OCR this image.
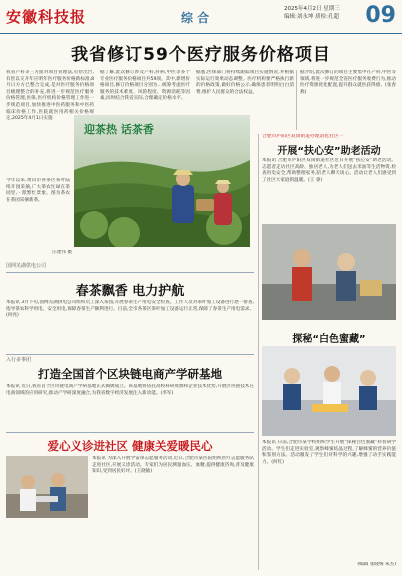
安徽科技报	综 合
2025年4月2日 星期三
编辑:刘永坤 质检:孔超 09
我省修订59个医疗服务价格项目
我省产科等三方面对项目管理法,有偿出台,有偿以交开年应明年医疗服务价格新标准,8月日方方已整合完成,是对医疗服务价格项目梳理整合的补充,将进一步规范医疗服务价格管理,医保,医疗机构价格管理工作进一步规范项目,加快推进中医药服务和中医药临床价格工作,医院就医用药相关价格规定,2025年4月1日实施
据了解,此次修订涉及产科,肝病,中医等多个专业医疗服务价格项目共59项。其中,新增价格项目,修订价格项目分别为…统筹考虑医疗服务的技术难度、风险程度、资源消耗等因素,同时结合我省实际,合理确定价格水平。
据悉,医保部门将持续跟踪项目实施情况,并根据实际运行效果动态调整。医疗机构要严格执行新的价格政策,做好价格公示,确保患者明明白白消费,维护人民群众的合法权益。
据介绍,此次修订的项目主要集中在产科,中医等领域,将进一步规范全省医疗服务收费行为,推动医疗资源优化配置,提升群众就医获得感。(张春燕)
迎茶热 话茶香
今年以来,黄山市各茶区茶叶陆续开园采摘,广大茶农忙碌在茶园里,一派繁忙景象。图为茶农在茶园采摘新茶。
汪建伟 摄
国网芜湖供电公司
春茶飘香 电力护航
本报讯 3月下旬,国网芜湖供电公司组织员工深入茶园,开展春茶生产用电安全检查。工作人员对茶叶加工设备进行逐一排查,指导茶农科学用电、安全用电,保障春茶生产顺利进行。目前,全市各茶区茶叶加工设备运行正常,保障了春茶生产用电需求。(何亮)
入行多事团
打造全国首个区块链电商产学研基地
本报讯 近日,我省首个区块链电商产学研基地正式揭牌成立。该基地将依托高校科研资源和企业技术优势,开展区块链技术在电商领域的应用研究,推动产学研深度融合,为我省数字经济发展注入新动能。(李军)
爱心义诊进社区 健康关爱暖民心
本报讯 为深入开展学雷锋志愿服务活动,近日,合肥市某医院组织医疗志愿服务队走进社区,开展义诊活动。专家们为居民测量血压、血糖,提供健康咨询,普及健康知识,受到居民好评。(王晓敏)
合肥市庐阳区双岗街道办理消化社区一
开展“扶心安”助老活动
本报讯 合肥市庐阳区双岗街道社区近日开展“扶心安”助老活动。志愿者走访社区高龄、独居老人,为老人们送去米油等生活物资,检查用电安全,帮助整理家务,陪老人聊天谈心。活动让老人们感受到了社区大家庭的温暖。(王 睿)
探秘“白色蜜藏”
本报讯 日前,合肥市某学校组织学生开展“探秘白色蜜藏”科普研学活动。学生们走进实验室,观察蜂蜜结晶过程,了解蜂蜜的营养价值和鉴别方法。活动激发了学生们对科学的兴趣,增强了动手实践能力。(何红)
(编辑 张晓梅 朱杰)
